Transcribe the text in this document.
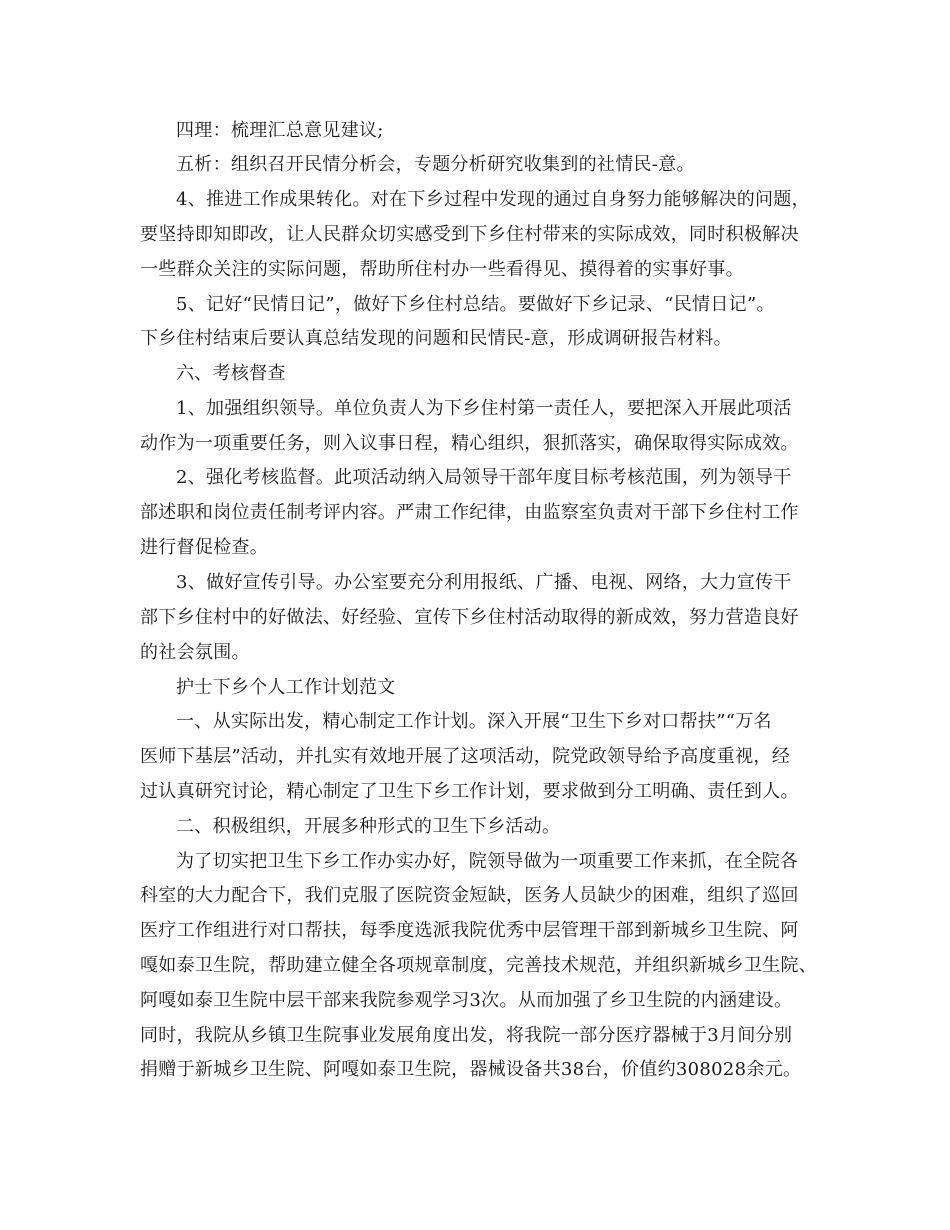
四理：梳理汇总意见建议;

五析：组织召开民情分析会，专题分析研究收集到的社情民-意。

4、推进工作成果转化。对在下乡过程中发现的通过自身努力能够解决的问题，

要坚持即知即改，让人民群众切实感受到下乡住村带来的实际成效，同时积极解决

一些群众关注的实际问题，帮助所住村办一些看得见、摸得着的实事好事。

5、记好“民情日记”，做好下乡住村总结。要做好下乡记录、“民情日记”。

下乡住村结束后要认真总结发现的问题和民情民-意，形成调研报告材料。

六、考核督查

1、加强组织领导。单位负责人为下乡住村第一责任人，要把深入开展此项活

动作为一项重要任务，则入议事日程，精心组织，狠抓落实，确保取得实际成效。

2、强化考核监督。此项活动纳入局领导干部年度目标考核范围，列为领导干

部述职和岗位责任制考评内容。严肃工作纪律，由监察室负责对干部下乡住村工作

进行督促检查。

3、做好宣传引导。办公室要充分利用报纸、广播、电视、网络，大力宣传干

部下乡住村中的好做法、好经验、宣传下乡住村活动取得的新成效，努力营造良好

的社会氛围。

护士下乡个人工作计划范文

一、从实际出发，精心制定工作计划。深入开展“卫生下乡对口帮扶”“万名

医师下基层”活动，并扎实有效地开展了这项活动，院党政领导给予高度重视，经

过认真研究讨论，精心制定了卫生下乡工作计划，要求做到分工明确、责任到人。

二、积极组织，开展多种形式的卫生下乡活动。

为了切实把卫生下乡工作办实办好，院领导做为一项重要工作来抓，在全院各

科室的大力配合下，我们克服了医院资金短缺，医务人员缺少的困难，组织了巡回

医疗工作组进行对口帮扶，每季度选派我院优秀中层管理干部到新城乡卫生院、阿

嘎如泰卫生院，帮助建立健全各项规章制度，完善技术规范，并组织新城乡卫生院、

阿嘎如泰卫生院中层干部来我院参观学习3次。从而加强了乡卫生院的内涵建设。

同时，我院从乡镇卫生院事业发展角度出发，将我院一部分医疗器械于3月间分别

捐赠于新城乡卫生院、阿嘎如泰卫生院，器械设备共38台，价值约308028余元。
